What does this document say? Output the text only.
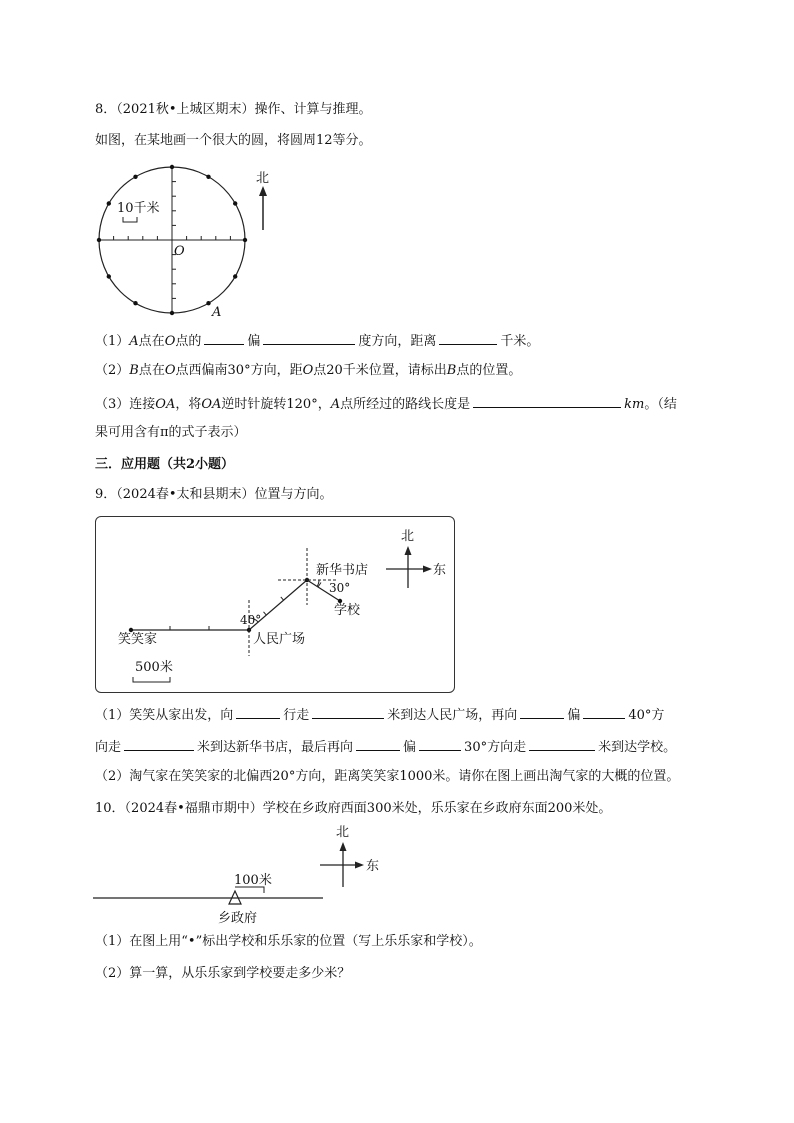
8．（2021秋•上城区期末）操作、计算与推理。
如图，在某地画一个很大的圆，将圆周12等分。
10千米
O
A
北
（1）A点在O点的	偏	度方向，距离	千米。
（2）B点在O点西偏南30°方向，距O点20千米位置，请标出B点的位置。
（3）连接OA，将OA逆时针旋转120°，A点所经过的路线长度是	km。（结
果可用含有π的式子表示）
三．应用题（共2小题）
9．（2024春•太和县期末）位置与方向。
40°
新华书店
30°
学校
笑笑家	人民广场
500米
北
东
（1）笑笑从家出发，向	行走	米到达人民广场，再向	偏	40°方
向走	米到达新华书店，最后再向	偏	30°方向走	米到达学校。
（2）淘气家在笑笑家的北偏西20°方向，距离笑笑家1000米。请你在图上画出淘气家的大概的位置。
10．（2024春•福鼎市期中）学校在乡政府西面300米处，乐乐家在乡政府东面200米处。
100米
乡政府
北
东
（1）在图上用“•”标出学校和乐乐家的位置（写上乐乐家和学校）。
（2）算一算，从乐乐家到学校要走多少米？
